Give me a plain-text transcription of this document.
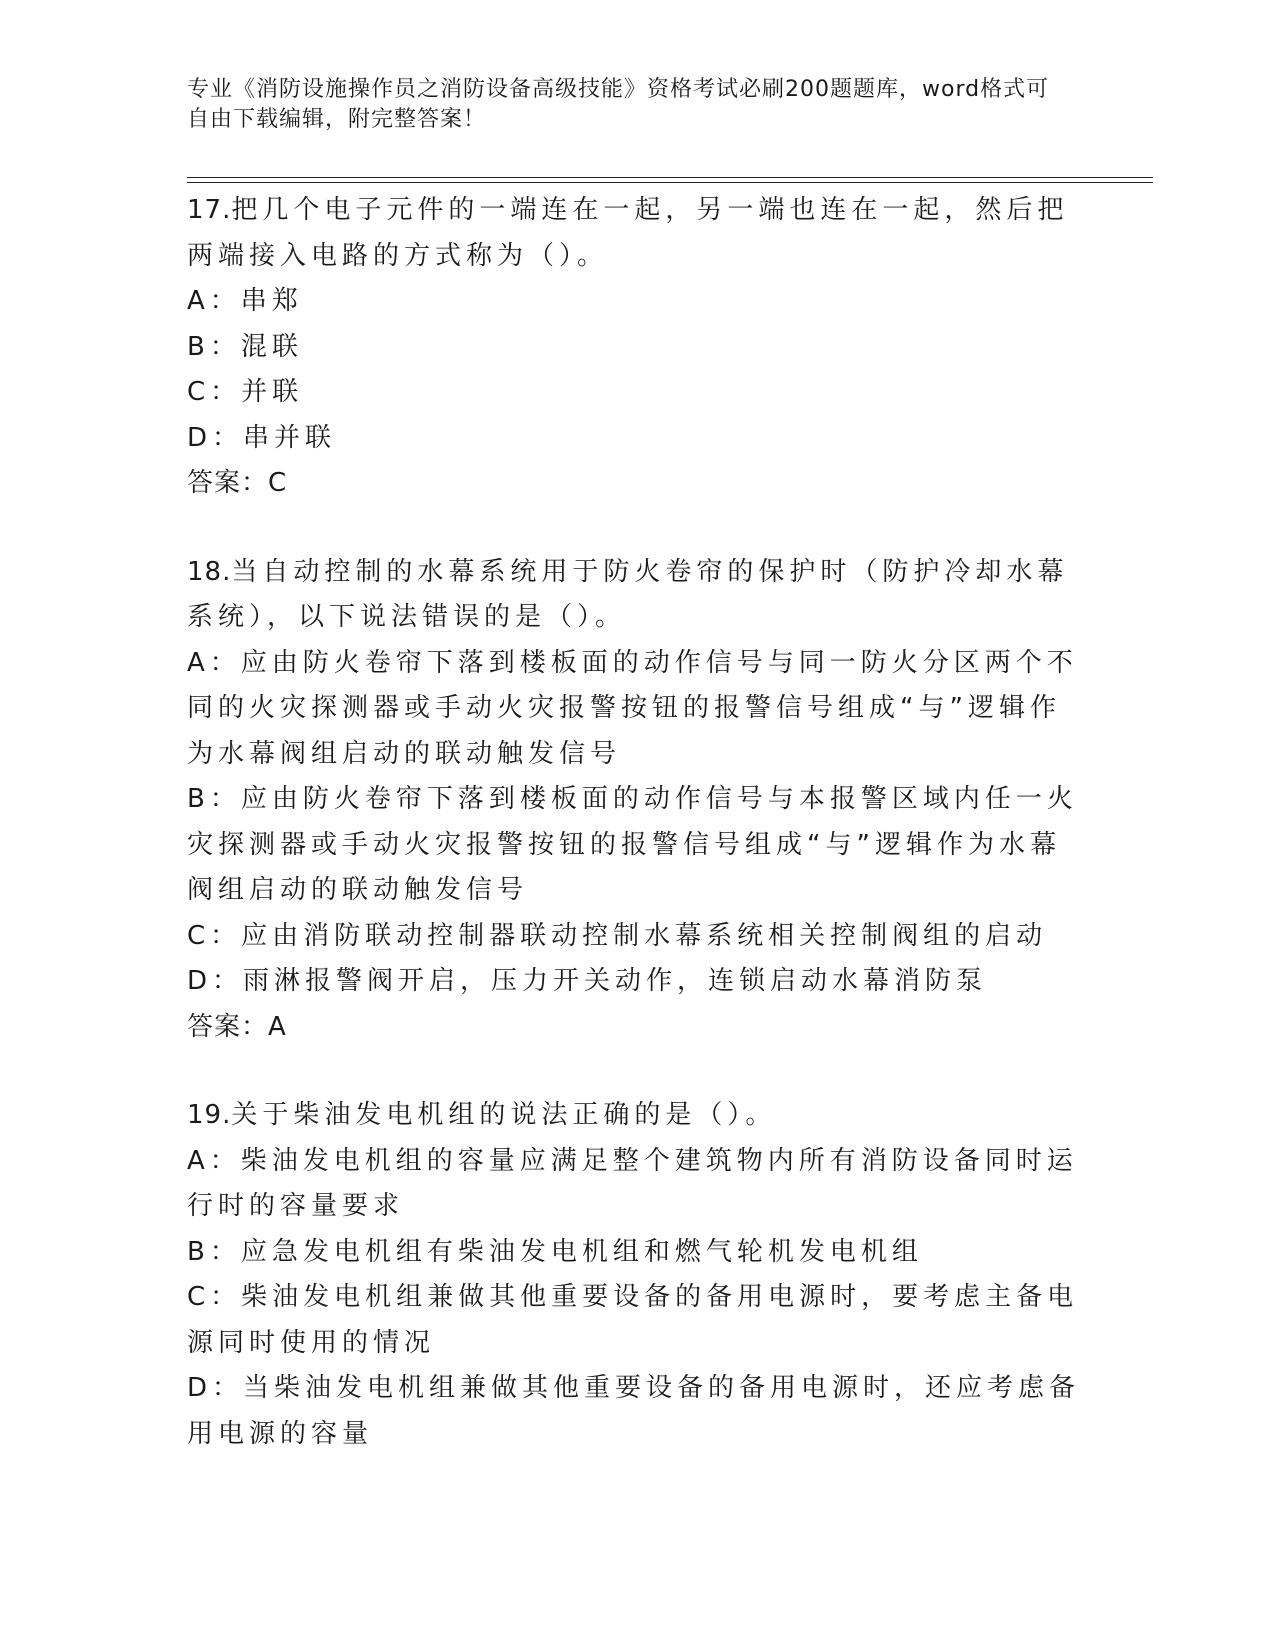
专业《消防设施操作员之消防设备高级技能》资格考试必刷200题题库，word格式可自由下载编辑，附完整答案！
17.把几个电子元件的一端连在一起，另一端也连在一起，然后把两端接入电路的方式称为（）。
A：串郑
B：混联
C：并联
D：串并联
答案：C
18.当自动控制的水幕系统用于防火卷帘的保护时（防护冷却水幕系统），以下说法错误的是（）。
A：应由防火卷帘下落到楼板面的动作信号与同一防火分区两个不同的火灾探测器或手动火灾报警按钮的报警信号组成“与”逻辑作为水幕阀组启动的联动触发信号
B：应由防火卷帘下落到楼板面的动作信号与本报警区域内任一火灾探测器或手动火灾报警按钮的报警信号组成“与”逻辑作为水幕阀组启动的联动触发信号
C：应由消防联动控制器联动控制水幕系统相关控制阀组的启动
D：雨淋报警阀开启，压力开关动作，连锁启动水幕消防泵
答案：A
19.关于柴油发电机组的说法正确的是（）。
A：柴油发电机组的容量应满足整个建筑物内所有消防设备同时运行时的容量要求
B：应急发电机组有柴油发电机组和燃气轮机发电机组
C：柴油发电机组兼做其他重要设备的备用电源时，要考虑主备电源同时使用的情况
D：当柴油发电机组兼做其他重要设备的备用电源时，还应考虑备用电源的容量
